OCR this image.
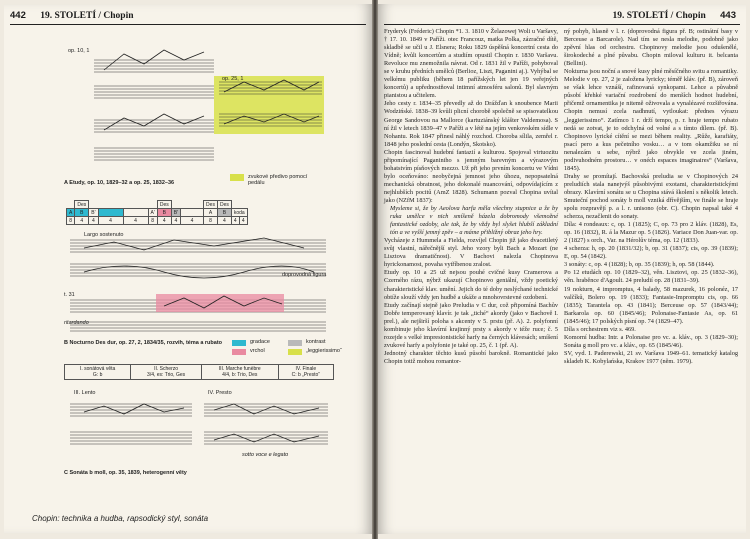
442 19. STOLETÍ / Chopin
op. 10, 1
op. 25, 1
A Etudy, op. 10, 1829–32 a op. 25, 1832–36
zvukové předivo pomocí pedálu
	Des					Des			Des	Des		
A	B	B'			A'	B	B'		A	B	koda	
8	4	4	4	4	8	4	4	4	8	4	4	4
Largo sostenuto
doprovodná figura
t. 31
ritardando
B Nocturno Des dur, op. 27, 2, 1834/35, rozvih, téma a rubato	gradace
vrchol
kontrast
„leggierissimo“
I. sonátová věta
G: b

II. Scherzo
3/4, es: Trio, Ges

III. Marche funèbre
4/4, b: Trio, Des

IV. Finale
C: b „Presto“
III. Lento	IV. Presto
sotto voce e legato
C Sonáta b moll, op. 35, 1839, heterogenní věty
Chopin: technika a hudba, rapsodický styl, sonáta
19. STOLETÍ / Chopin 443

Fryderyk (Fréderic) Chopin *1. 3. 1810 v Želazowej Woli u Varšavy, † 17. 10. 1849 v Paříži. otec Francouz, matka Polka, zázračné dítě, skladbě se učil u J. Elsnera; Roku 1829 úspěšná koncertní cesta do Vídně; kvůli koncertům a studiím opustil Chopin r. 1830 Varšavu. Revoluce mu znemožnila návrat. Od r. 1831 žil v Paříži, pohyboval se v kruhu předních umělců (Berlioz, Liszt, Paganini aj.). Vyhýbal se velkému publiku (během 18 pařížských let jen 19 veřejných koncertů) a upřednostňoval intimní atmosféru salonů. Byl slavným pianistou a učitelem.

Jeho cesty r. 1834–35 převedly až do Drážďan k snoubence Marii Wodzińské. 1838–39 kvůli plicní chorobě společně se spisovatelkou George Sandovou na Mallorce (kartuziánský klášter Valdemosa). S ní žil v letech 1839–47 v Paříži a v létě na jejím venkovském sídle v Nohantu. Rok 1847 přinesl náhlý rozchod. Choroba sílila, zemřel r. 1848 jeho poslední cesta (Londýn, Skotsko).

Chopin fascinoval hudební fantazií a kulturou. Spojoval virtuozitu připomínající Paganiniho s jemným barevným a výrazovým bohatstvím písňových mezzo. Už při jeho prvním koncertu ve Vídni bylo oceňováno: neobyčejná jemnost jeho úhozu, nepopsatelná mechanická obratnost, jeho dokonalé nuancování, odpovídajícím z nejhlubších pocitů (AmZ 1828). Schumann pozval Chopina uvítal jako (NZfM 1837):

Mysleme si, že by Aeolova harfa měla všechny stupnice a že by ruka umělce v nich smíšeně házela dobromody všemožné fantastické ozdoby, ale tak, že by vždy byl slyšet hlubší základní tón a ve vyšší jemný zpěv – a máme přibližný obraz jeho hry.

Vycházeje z Hummela a Fielda, rozvíjel Chopin již jako dvacetiletý svůj vlastní, nářečnější styl. Jeho vzory byli Bach a Mozart (ne Lisztova dramatičnost). V Bachovi nalezla Chopinova hyrickonamost, povaha vytříbenou zralost.

Etudy op. 10 a 25 už nejsou pouhé cvičné kusy Cramerova a Czerného rázu, nýbrž ukazují Chopinovo geniální, vždy poetický charakteristické klav. umění. Jejich do té doby neslýchané technické obtíže slouží vždy jen hudbě a ukáže a mnohovrstevné ozdobení.

Etudy začínají stejně jako Preludia v C dur, což připomíná Bachův Dobře temperovaný klavír. je tak „tiché“ akordy (jako v Bachově I. prel.), ale nejširší poloha s akcenty v 5. prstu (př. A). 2. polyfonní kombinuje jeho klavírní krajinný prsty s akordy v téže ruce; č. 5 rozejde s velké impresionistické harfy na černých klávesách; smíšení zvukové harfy a polyfonie je také op. 25, č. 1 (př. A).

Jednotný charakter těchto kusů působí barokně. Romantické jako Chopin totiž mohou romantor-

ný pohyb, hlasně v l. r. (doprovodná figura př. B; ostinátní basy v Berceuse a Barcarole). Nad tím se nesla melodie, podobně jako zpěvní hlas od orchestru. Chopinovy melodie jsou odušenělé, širokodeché a plné půvabu. Chopin miloval kulturu it. belcanta (Bellini).

Nokturna jsou noční a snové kusy plné měsíčného svitu a romantiky. Melodie v op. 27, 2 je založena lyricky; téměř kláv. (př. B), zároveň se však lehce vznáší, rafinovaná synkopami. Lehce a půvabně působí křehké variační rozdrobení do menších hodnot hudební, přičemž ornamentika je nitemě oživovala a vynalézavé rozšiřována. Chopin nemusí zcela nadhnutí, vytloukat: přednes výrazu „leggierissimo“. Zatímco 1 r. drží tempo, p. r. hraje tempo rubato nedá se zotvat, je to odchylná od volné a s tímto dílem. (př. B). Chopinovo lyrické cítění se mezi během reality. „Růže, karafiáty, psací pero a kus pečetního vosku… a v tom okamžiku se ní nenalezám u sebe, nýbrž jako obvykle ve zcela jiném, podivuhodném prostoru… v onéch espaces imaginaires“ (Varšava, 1845).

Drahy se promítají. Bachovská preludia se v Chopinových 24 preludiích stala nanejvýš působivými exotami, charakteristickými obrazy. Klavírní sonátu se u Chopina stává školení s několik letech. Smuteční pochod sonáty b moll vzniká dřívějším, ve finále se hraje spolu rozpravějí p. a l. r. unisono (obr. C). Chopin napsal také 4 scherza, nezačlenit do sonaty.

Díla: 4 rondeaux: c, op. 1 (1825); C, op. 73 pro 2 kláv. (1828), Es, op. 16 (1832), R. á la Mazur op. 5 (1826). Variace Don Juan-var. op. 2 (1827) s orch., Var. na Hérolův téma, op. 12 (1833).

4 scherza: h, op. 20 (1831/32); b, op. 31 (1837); cis, op. 39 (1839); E, op. 54 (1842).

3 sonáty: c, op. 4 (1828); b, op. 35 (1839); h, op. 58 (1844).

Po 12 etudách op. 10 (1829–32), věn. Lisztovi, op. 25 (1832–36), věn. hraběnce d'Agoult. 24 preludií op. 28 (1831–39).

19 nokturn, 4 impromptus, 4 balady, 58 mazurek, 16 polonéz, 17 valčíků, Bolero op. 19 (1833); Fantasie-Impromptu cis, op. 66 (1835); Tarantela op. 43 (1841); Berceuse op. 57 (1843/44); Barkarola op. 60 (1845/46); Polonaise-Fantasie As, op. 61 (1845/46); 17 polských písní op. 74 (1829–47).

Díla s orchestrem viz s. 469.

Komorní hudba: Intr. a Polonaise pro vc. a. kláv., op. 3 (1829–30); Sonáta g moll pro vc. a kláv., op. 65 (1845/46).

SV, vyd. I. Paderewski, 21 sv. Varšava 1949–61. tematický katalog skladeb K. Kobylańska, Krakov 1977 (něm. 1979).
